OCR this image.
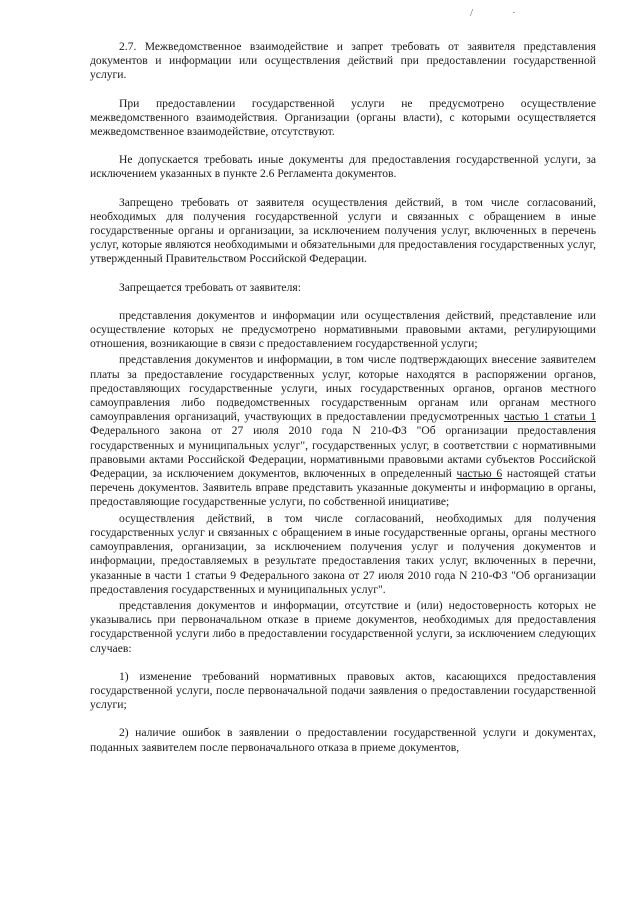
/	·

2.7. Межведомственное взаимодействие и запрет требовать от заявителя представления документов и информации или осуществления действий при предоставлении государственной услуги.

При предоставлении государственной услуги не предусмотрено осуществление межведомственного взаимодействия. Организации (органы власти), с которыми осуществляется межведомственное взаимодействие, отсутствуют.

Не допускается требовать иные документы для предоставления государственной услуги, за исключением указанных в пункте 2.6 Регламента документов.

Запрещено требовать от заявителя осуществления действий, в том числе согласований, необходимых для получения государственной услуги и связанных с обращением в иные государственные органы и организации, за исключением получения услуг, включенных в перечень услуг, которые являются необходимыми и обязательными для предоставления государственных услуг, утвержденный Правительством Российской Федерации.

Запрещается требовать от заявителя:

представления документов и информации или осуществления действий, представление или осуществление которых не предусмотрено нормативными правовыми актами, регулирующими отношения, возникающие в связи с предоставлением государственной услуги;

представления документов и информации, в том числе подтверждающих внесение заявителем платы за предоставление государственных услуг, которые находятся в распоряжении органов, предоставляющих государственные услуги, иных государственных органов, органов местного самоуправления либо подведомственных государственным органам или органам местного самоуправления организаций, участвующих в предоставлении предусмотренных частью 1 статьи 1 Федерального закона от 27 июля 2010 года N 210-ФЗ "Об организации предоставления государственных и муниципальных услуг", государственных услуг, в соответствии с нормативными правовыми актами Российской Федерации, нормативными правовыми актами субъектов Российской Федерации, за исключением документов, включенных в определенный частью 6 настоящей статьи перечень документов. Заявитель вправе представить указанные документы и информацию в органы, предоставляющие государственные услуги, по собственной инициативе;

осуществления действий, в том числе согласований, необходимых для получения государственных услуг и связанных с обращением в иные государственные органы, органы местного самоуправления, организации, за исключением получения услуг и получения документов и информации, предоставляемых в результате предоставления таких услуг, включенных в перечни, указанные в части 1 статьи 9 Федерального закона от 27 июля 2010 года N 210-ФЗ "Об организации предоставления государственных и муниципальных услуг".

представления документов и информации, отсутствие и (или) недостоверность которых не указывались при первоначальном отказе в приеме документов, необходимых для предоставления государственной услуги либо в предоставлении государственной услуги, за исключением следующих случаев:

1) изменение требований нормативных правовых актов, касающихся предоставления государственной услуги, после первоначальной подачи заявления о предоставлении государственной услуги;

2) наличие ошибок в заявлении о предоставлении государственной услуги и документах, поданных заявителем после первоначального отказа в приеме документов,
